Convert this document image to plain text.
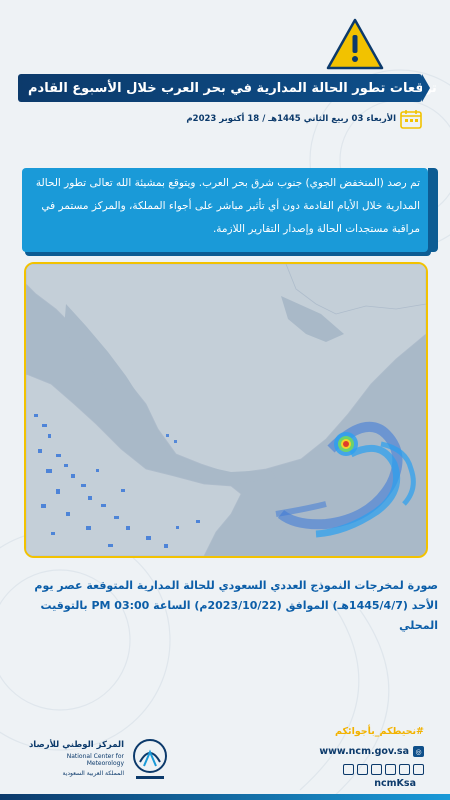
توقعات تطور الحالة المدارية في بحر العرب خلال الأسبوع القادم
الأربعاء 03 ربيع الثاني 1445هـ / 18 أكتوبر 2023م
تم رصد (المنخفض الجوي) جنوب شرق بحر العرب. ويتوقع بمشيئة الله تعالى تطور الحالة المدارية خلال الأيام القادمة دون أي تأثير مباشر على أجواء المملكة، والمركز مستمر في مراقبة مستجدات الحالة وإصدار التقارير اللازمة.
صورة لمخرجات النموذج العددي السعودي للحالة المدارية المتوقعة عصر يوم الأحد (1445/4/7هـ) الموافق (2023/10/22م) الساعة 03:00 PM بالتوقيت المحلي
#نحيطكم_بأجوائكم
www.ncm.gov.sa ◎
ncmKsa
المركز الوطني للأرصاد
National Center for Meteorology
المملكة العربية السعودية
